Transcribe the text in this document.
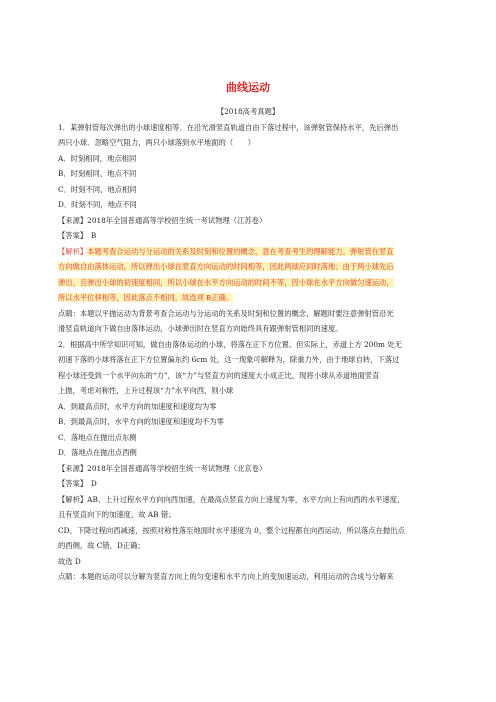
曲线运动
【2018高考真题】
1．某弹射管每次弹出的小球速度相等．在沿光滑竖直轨道自由下落过程中，该弹射管保持水平，先后弹出
两只小球．忽略空气阻力，两只小球落到水平地面的（　　）
A．时刻相同，地点相同
B．时刻相同，地点不同
C．时刻不同，地点相同
D．时刻不同，地点不同
【来源】2018年全国普通高等学校招生统一考试物理（江苏卷）
【答案】　B
【解析】本题考查合运动与分运动的关系及时刻和位置的概念，意在考查考生的理解能力。弹射管在竖直
方向做自由落体运动，所以弹出小球在竖直方向运动的时间相等，因此两球应同时落地；由于两小球先后
弹出，且弹出小球的初速度相同，所以小球在水平方向运动的时间不等，因小球在水平方向做匀速运动，
所以水平位移相等，因此落点不相同，故选项 B正确。
点睛：本题以平抛运动为背景考查合运动与分运动的关系及时刻和位置的概念，解题时要注意弹射管沿光
滑竖直轨道向下做自由落体运动，小球弹出时在竖直方向始终具有跟弹射管相同的速度。
2．根据高中所学知识可知，做自由落体运动的小球，将落在正下方位置。但实际上，赤道上方 200m 处无
初速下落的小球将落在正下方位置偏东约 6cm 处，这一现象可解释为，除重力外，由于地球自转，下落过
程小球还受到一个水平向东的“力”，该“力”与竖直方向的速度大小成正比，现将小球从赤道地面竖直
上抛，考虑对称性，上升过程该“力”水平向西，则小球
A．到最高点时，水平方向的加速度和速度均为零
B．到最高点时，水平方向的加速度和速度均不为零
C．落地点在抛出点东侧
D．落地点在抛出点西侧
【来源】2018年全国普通高等学校招生统一考试物理（北京卷）
【答案】　D
【解析】AB、上升过程水平方向向西加速，在最高点竖直方向上速度为零，水平方向上有向西的水平速度，
且有竖直向下的加速度，故 AB 错；
CD、下降过程向西减速，按照对称性落至地面时水平速度为 0，整个过程都在向西运动，所以落点在抛出点
的西侧，故 C错，D正确；
故选 D
点睛：本题的运动可以分解为竖直方向上的匀变速和水平方向上的变加速运动，利用运动的合成与分解来
